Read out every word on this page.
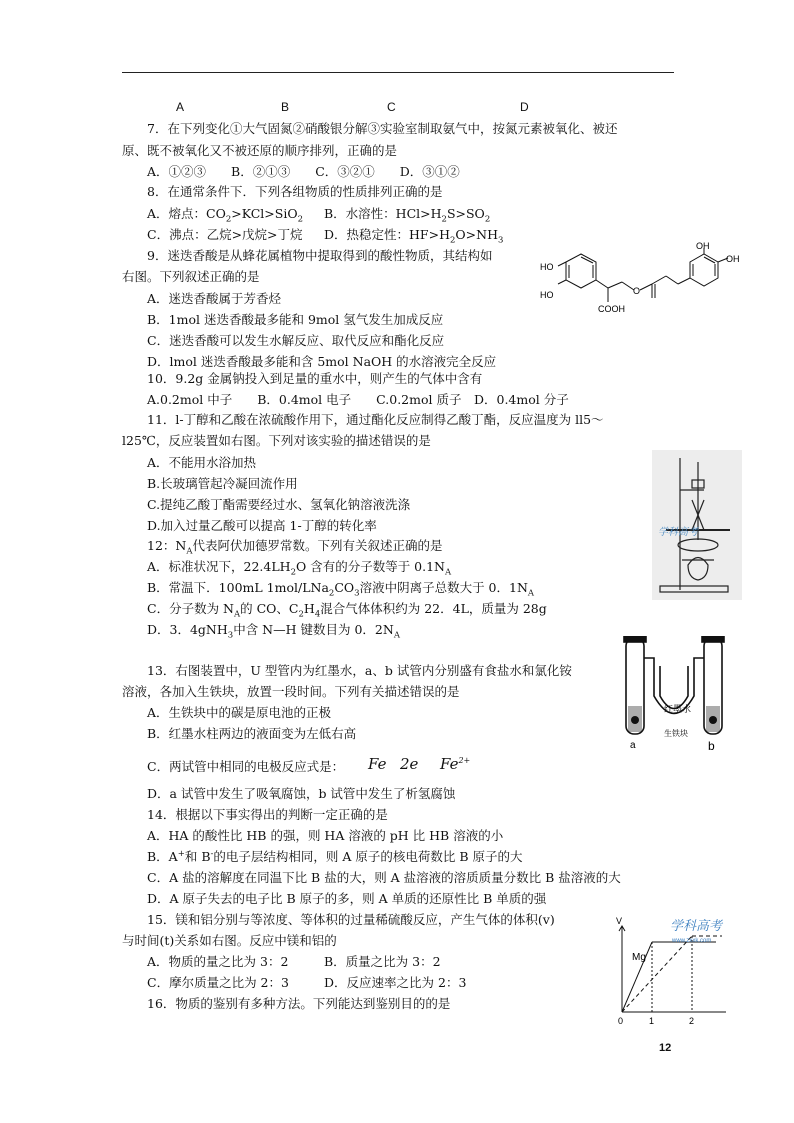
A	B	C	D
7．在下列变化①大气固氮②硝酸银分解③实验室制取氨气中，按氮元素被氧化、被还
原、既不被氧化又不被还原的顺序排列，正确的是
A．①②③　　B．②①③　　C．③②①　　D．③①②
8．在通常条件下．下列各组物质的性质排列正确的是
A．熔点：$CO_2>KCl>SiO_2$ B．水溶性：$HCl>H_2S>SO_2$
C．沸点：乙烷>戊烷>丁烷 D．热稳定性：$HF>H_2O>NH_3$
9．迷迭香酸是从蜂花属植物中提取得到的酸性物质，其结构如
右图。下列叙述正确的是
A．迷迭香酸属于芳香烃
B．1mol 迷迭香酸最多能和 9mol 氢气发生加成反应
C．迷迭香酸可以发生水解反应、取代反应和酯化反应
D．lmol 迷迭香酸最多能和含 5mol NaOH 的水溶液完全反应
HO
HO
OH
OH
COOH
O
10．9.2g 金属钠投入到足量的重水中，则产生的气体中含有
A.0.2mol 中子　　B．0.4mol 电子　　C.0.2mol 质子　D．0.4mol 分子
11．l-丁醇和乙酸在浓硫酸作用下，通过酯化反应制得乙酸丁酯，反应温度为 ll5～
l25℃，反应装置如右图。下列对该实验的描述错误的是
A．不能用水浴加热
B.长玻璃管起冷凝回流作用
C.提纯乙酸丁酯需要经过水、氢氧化钠溶液洗涤
D.加入过量乙酸可以提高 1-丁醇的转化率	学科高考
12：$N_A$代表阿伏加德罗常数。下列有关叙述正确的是
A．标准状况下，$22.4LH_2O$ 含有的分子数等于 $0.1N_A$
B．常温下．100mL $1mol/LNa_2CO_3$溶液中阴离子总数大于 0．$1N_A$
C．分子数为 $N_A$的 CO、$C_2H_4$混合气体体积约为 22．4L，质量为 28g
D．3．4gNH$_3$中含 N—H 键数目为 0．$2N_A$
13．右图装置中，U 型管内为红墨水，a、b 试管内分别盛有食盐水和氯化铵
溶液，各加入生铁块，放置一段时间。下列有关描述错误的是
A．生铁块中的碳是原电池的正极
B．红墨水柱两边的液面变为左低右高
C．两试管中相同的电极反应式是： Fe 2e $Fe^{2+}$
D．a 试管中发生了吸氧腐蚀，b 试管中发生了析氢腐蚀
红墨水
生铁块
a	b
14．根据以下事实得出的判断一定正确的是
A．HA 的酸性比 HB 的强，则 HA 溶液的 pH 比 HB 溶液的小
B．A+和 B-的电子层结构相同，则 A 原子的核电荷数比 B 原子的大
C．A 盐的溶解度在同温下比 B 盐的大，则 A 盐溶液的溶质质量分数比 B 盐溶液的大
D．A 原子失去的电子比 B 原子的多，则 A 单质的还原性比 B 单质的强
15．镁和铝分别与等浓度、等体积的过量稀硫酸反应，产生气体的体积(v)
与时间(t)关系如右图。反应中镁和铝的
A．物质的量之比为 3：2	B．质量之比为 3：2
C．摩尔质量之比为 2：3	D．反应速率之比为 2：3
V
Mg
0	1	2
学科高考
www.zxxk.com
16．物质的鉴别有多种方法。下列能达到鉴别目的的是
12
